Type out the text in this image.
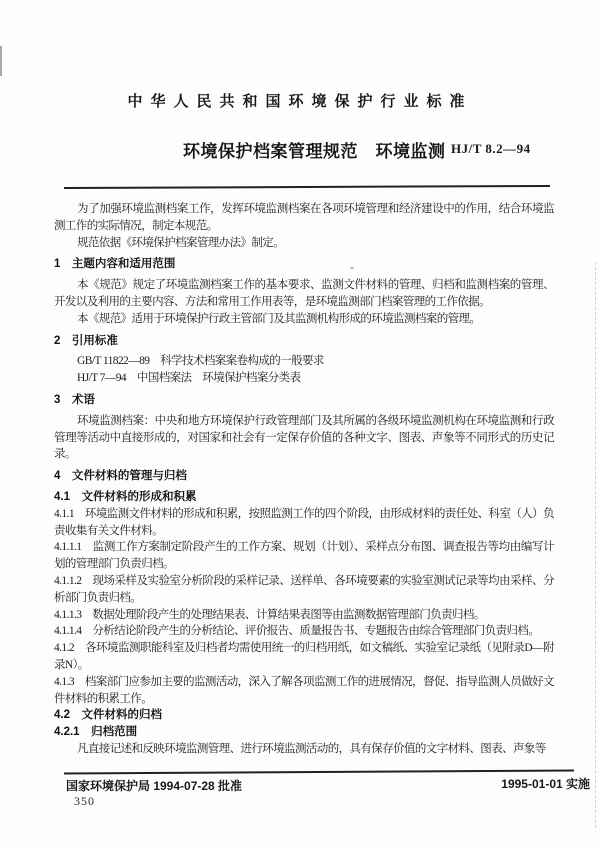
中华人民共和国环境保护行业标准
环境保护档案管理规范　环境监测 HJ/T 8.2—94
为了加强环境监测档案工作，发挥环境监测档案在各项环境管理和经济建设中的作用，结合环境监测工作的实际情况，制定本规范。
规范依据《环境保护档案管理办法》制定。
1　主题内容和适用范围
本《规范》规定了环境监测档案工作的基本要求、监测文件材料的管理、归档和监测档案的管理、开发以及利用的主要内容、方法和常用工作用表等，是环境监测部门档案管理的工作依据。
本《规范》适用于环境保护行政主管部门及其监测机构形成的环境监测档案的管理。
2　引用标准
GB/T 11822—89　科学技术档案案卷构成的一般要求
HJ/T 7—94　中国档案法　环境保护档案分类表
3　术语
环境监测档案：中央和地方环境保护行政管理部门及其所属的各级环境监测机构在环境监测和行政管理等活动中直接形成的，对国家和社会有一定保存价值的各种文字、图表、声象等不同形式的历史记录。
4　文件材料的管理与归档
4.1　文件材料的形成和积累
4.1.1　环境监测文件材料的形成和积累，按照监测工作的四个阶段，由形成材料的责任处、科室（人）负责收集有关文件材料。
4.1.1.1　监测工作方案制定阶段产生的工作方案、规划（计划）、采样点分布图、调查报告等均由编写计划的管理部门负责归档。
4.1.1.2　现场采样及实验室分析阶段的采样记录、送样单、各环境要素的实验室测试记录等均由采样、分析部门负责归档。
4.1.1.3　数据处理阶段产生的处理结果表、计算结果表图等由监测数据管理部门负责归档。
4.1.1.4　分析结论阶段产生的分析结论、评价报告、质量报告书、专题报告由综合管理部门负责归档。
4.1.2　各环境监测职能科室及归档者均需使用统一的归档用纸，如文稿纸、实验室记录纸（见附录D—附录N）。
4.1.3　档案部门应参加主要的监测活动，深入了解各项监测工作的进展情况，督促、指导监测人员做好文件材料的积累工作。
4.2　文件材料的归档
4.2.1　归档范围
凡直接记述和反映环境监测管理、进行环境监测活动的，具有保存价值的文字材料、图表、声象等
国家环境保护局 1994-07-28 批准	1995-01-01 实施
350
